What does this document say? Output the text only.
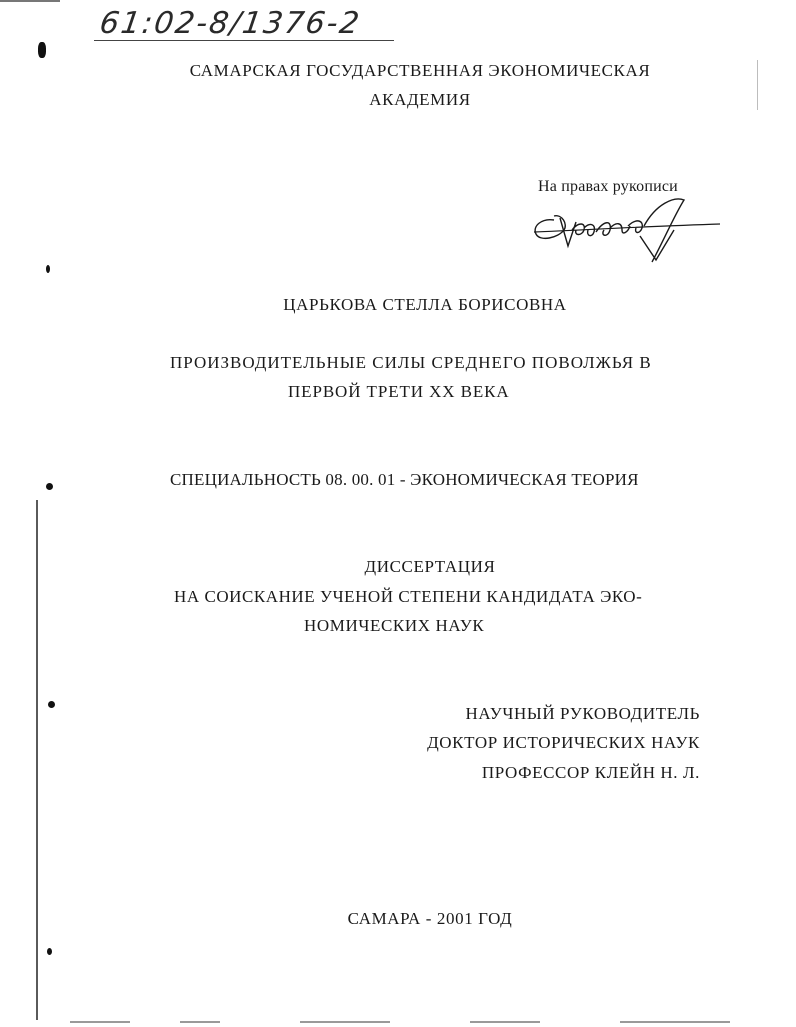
61:02-8/1376-2
САМАРСКАЯ ГОСУДАРСТВЕННАЯ ЭКОНОМИЧЕСКАЯ
АКАДЕМИЯ
На правах рукописи
ЦАРЬКОВА СТЕЛЛА БОРИСОВНА
ПРОИЗВОДИТЕЛЬНЫЕ СИЛЫ СРЕДНЕГО ПОВОЛЖЬЯ В
ПЕРВОЙ ТРЕТИ XX ВЕКА
СПЕЦИАЛЬНОСТЬ 08. 00. 01 - ЭКОНОМИЧЕСКАЯ ТЕОРИЯ
ДИССЕРТАЦИЯ
НА СОИСКАНИЕ УЧЕНОЙ СТЕПЕНИ КАНДИДАТА ЭКО-
НОМИЧЕСКИХ НАУК
НАУЧНЫЙ РУКОВОДИТЕЛЬ
ДОКТОР ИСТОРИЧЕСКИХ НАУК
ПРОФЕССОР КЛЕЙН Н. Л.
САМАРА - 2001 ГОД
